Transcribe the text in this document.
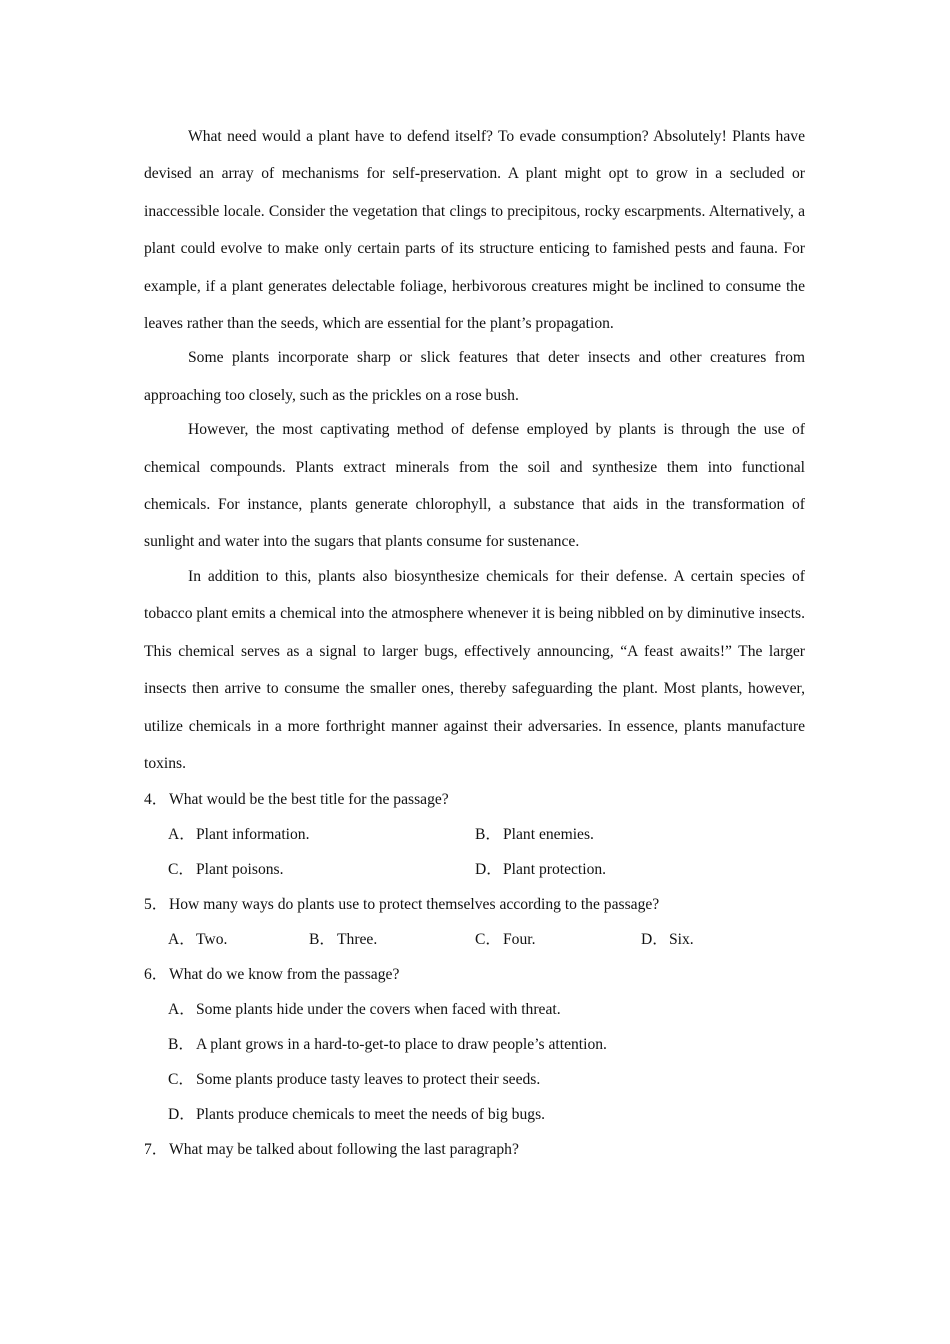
What need would a plant have to defend itself? To evade consumption? Absolutely! Plants have devised an array of mechanisms for self-preservation. A plant might opt to grow in a secluded or inaccessible locale. Consider the vegetation that clings to precipitous, rocky escarpments. Alternatively, a plant could evolve to make only certain parts of its structure enticing to famished pests and fauna. For example, if a plant generates delectable foliage, herbivorous creatures might be inclined to consume the leaves rather than the seeds, which are essential for the plant’s propagation.

Some plants incorporate sharp or slick features that deter insects and other creatures from approaching too closely, such as the prickles on a rose bush.

However, the most captivating method of defense employed by plants is through the use of chemical compounds. Plants extract minerals from the soil and synthesize them into functional chemicals. For instance, plants generate chlorophyll, a substance that aids in the transformation of sunlight and water into the sugars that plants consume for sustenance.

In addition to this, plants also biosynthesize chemicals for their defense. A certain species of tobacco plant emits a chemical into the atmosphere whenever it is being nibbled on by diminutive insects. This chemical serves as a signal to larger bugs, effectively announcing, “A feast awaits!” The larger insects then arrive to consume the smaller ones, thereby safeguarding the plant. Most plants, however, utilize chemicals in a more forthright manner against their adversaries. In essence, plants manufacture toxins.

4． What would be the best title for the passage?

A．Plant information.	B． Plant enemies.
C． Plant poisons.	D．Plant protection.

5． How many ways do plants use to protect themselves according to the passage?

A．Two.	B． Three.	C． Four.	D．Six.

6． What do we know from the passage?

A．Some plants hide under the covers when faced with threat.
B． A plant grows in a hard-to-get-to place to draw people’s attention.
C． Some plants produce tasty leaves to protect their seeds.
D．Plants produce chemicals to meet the needs of big bugs.

7． What may be talked about following the last paragraph?
